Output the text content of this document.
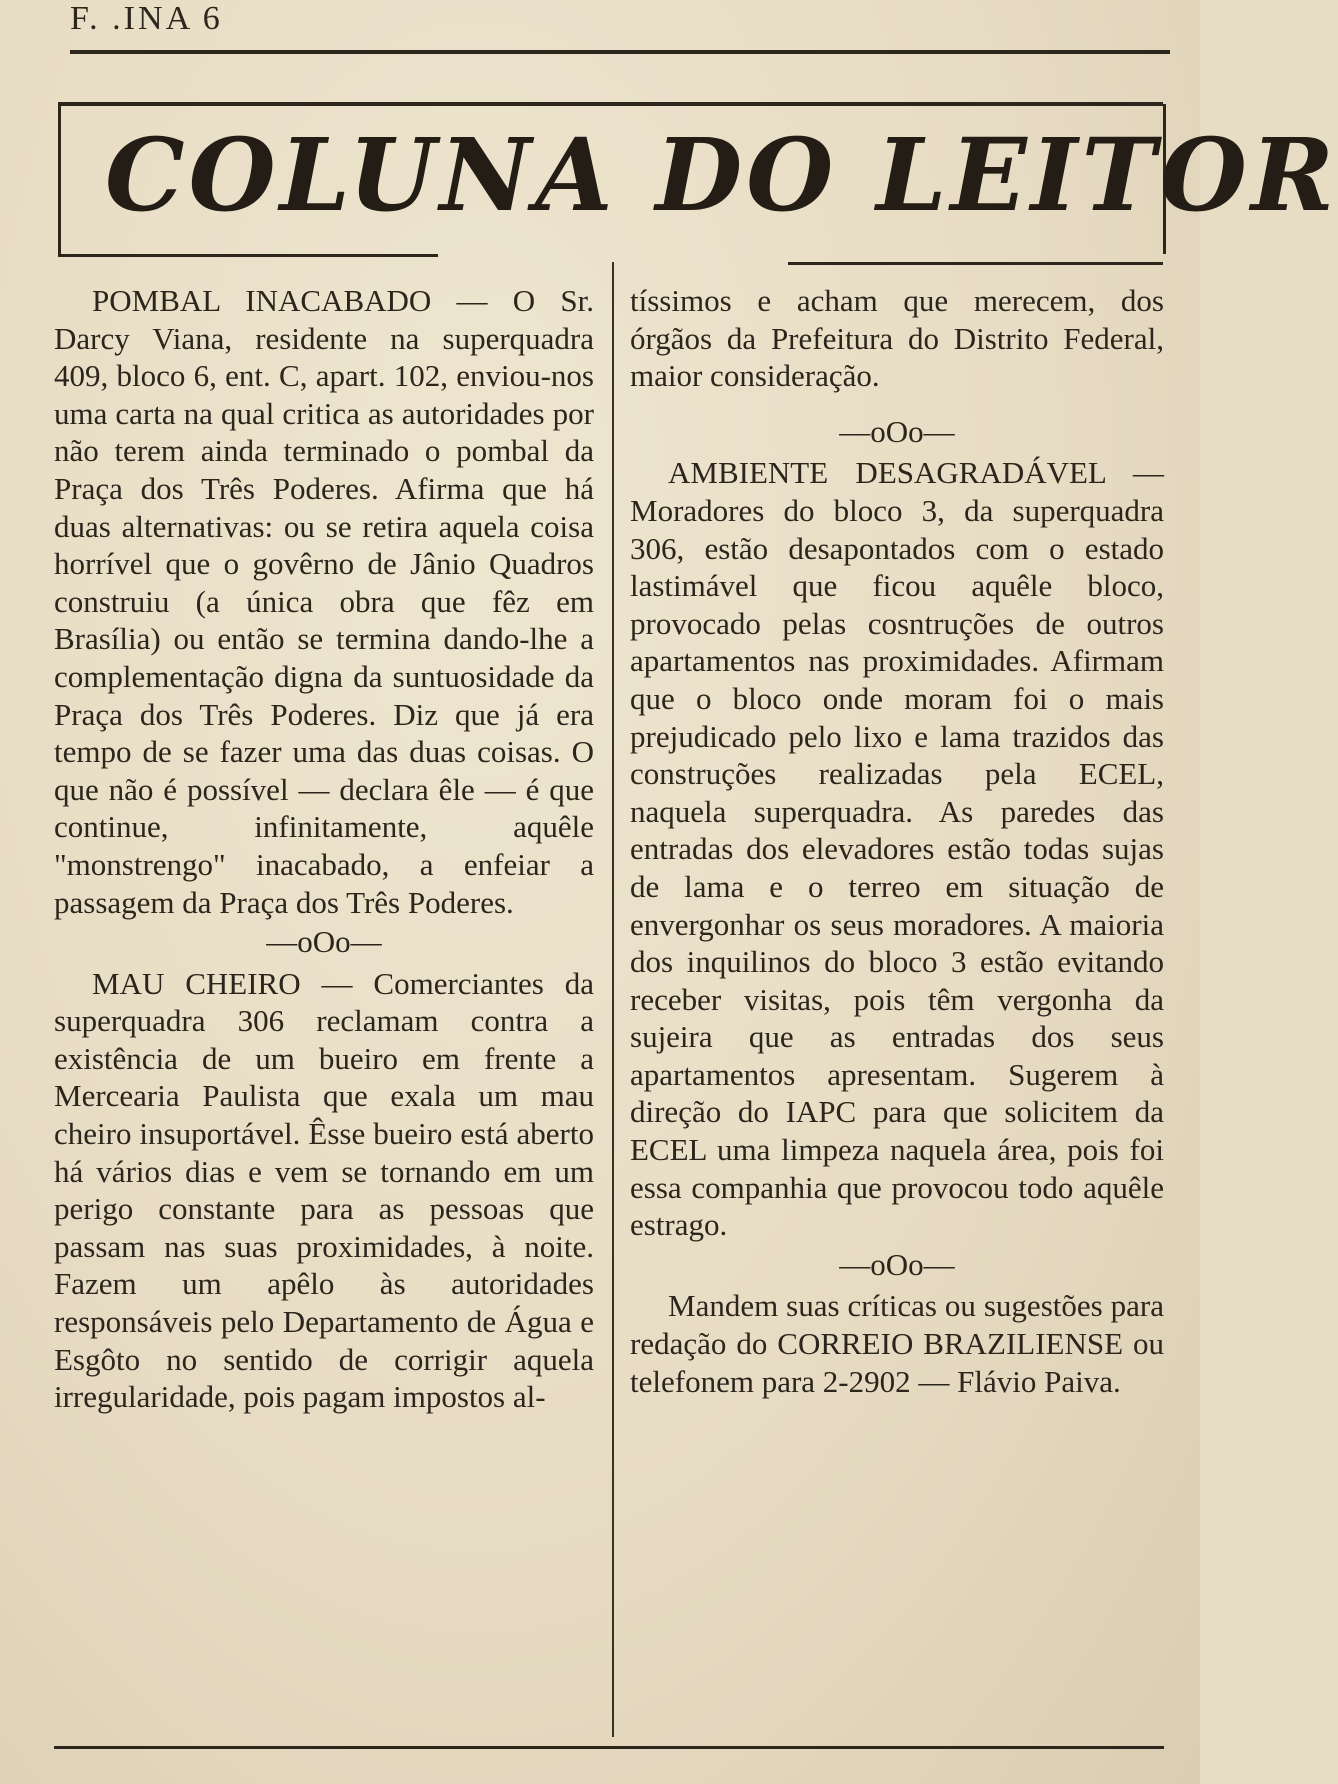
F. .INA 6
COLUNA DO LEITOR

POMBAL INACABADO — O Sr. Darcy Viana, residente na superquadra 409, bloco 6, ent. C, apart. 102, enviou-nos uma carta na qual critica as autoridades por não terem ainda terminado o pombal da Praça dos Três Poderes. Afirma que há duas alternativas: ou se retira aquela coisa horrível que o govêrno de Jânio Quadros construiu (a única obra que fêz em Brasília) ou então se termina dando-lhe a complementação digna da suntuosidade da Praça dos Três Poderes. Diz que já era tempo de se fazer uma das duas coisas. O que não é possível — declara êle — é que continue, infinitamente, aquêle "monstrengo" inacabado, a enfeiar a passagem da Praça dos Três Poderes.

—oOo—

MAU CHEIRO — Comerciantes da superquadra 306 reclamam contra a existência de um bueiro em frente a Mercearia Paulista que exala um mau cheiro insuportável. Êsse bueiro está aberto há vários dias e vem se tornando em um perigo constante para as pessoas que passam nas suas proximidades, à noite. Fazem um apêlo às autoridades responsáveis pelo Departamento de Água e Esgôto no sentido de corrigir aquela irregularidade, pois pagam impostos al-

tíssimos e acham que merecem, dos órgãos da Prefeitura do Distrito Federal, maior consideração.

—oOo—

AMBIENTE DESAGRADÁVEL — Moradores do bloco 3, da superquadra 306, estão desapontados com o estado lastimável que ficou aquêle bloco, provocado pelas cosntruções de outros apartamentos nas proximidades. Afirmam que o bloco onde moram foi o mais prejudicado pelo lixo e lama trazidos das construções realizadas pela ECEL, naquela superquadra. As paredes das entradas dos elevadores estão todas sujas de lama e o terreo em situação de envergonhar os seus moradores. A maioria dos inquilinos do bloco 3 estão evitando receber visitas, pois têm vergonha da sujeira que as entradas dos seus apartamentos apresentam. Sugerem à direção do IAPC para que solicitem da ECEL uma limpeza naquela área, pois foi essa companhia que provocou todo aquêle estrago.

—oOo—

Mandem suas críticas ou sugestões para redação do CORREIO BRAZILIENSE ou telefonem para 2-2902 — Flávio Paiva.
